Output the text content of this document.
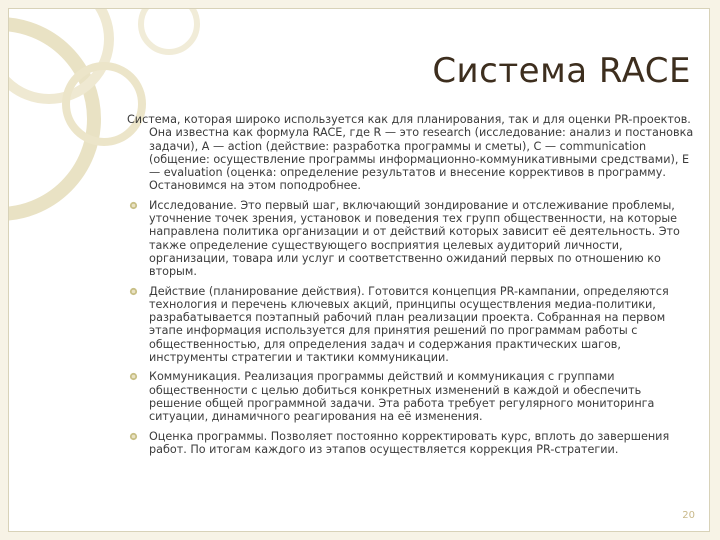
Система RACE

Система, которая широко используется как для планирования, так и для оценки PR-проектов. Она известна как формула RACE, где R — это research (исследование: анализ и постановка задачи), A — action (действие: разработка программы и сметы), C — communication (общение: осуществление программы информационно-коммуникативными средствами), E — evaluation (оценка: определение результатов и внесение коррективов в программу. Остановимся на этом поподробнее.

Исследование. Это первый шаг, включающий зондирование и отслеживание проблемы, уточнение точек зрения, установок и поведения тех групп общественности, на которые направлена политика организации и от действий которых зависит её деятельность. Это также определение существующего восприятия целевых аудиторий личности, организации, товара или услуг и соответственно ожиданий первых по отношению ко вторым.
Действие (планирование действия). Готовится концепция PR-кампании, определяются технология и перечень ключевых акций, принципы осуществления медиа-политики, разрабатывается поэтапный рабочий план реализации проекта. Собранная на первом этапе информация используется для принятия решений по программам работы с общественностью, для определения задач и содержания практических шагов, инструменты стратегии и тактики коммуникации.
Коммуникация. Реализация программы действий и коммуникация с группами общественности с целью добиться конкретных изменений в каждой и обеспечить решение общей программной задачи. Эта работа требует регулярного мониторинга ситуации, динамичного реагирования на её изменения.
Оценка программы. Позволяет постоянно корректировать курс, вплоть до завершения работ. По итогам каждого из этапов осуществляется коррекция PR-стратегии.
20
